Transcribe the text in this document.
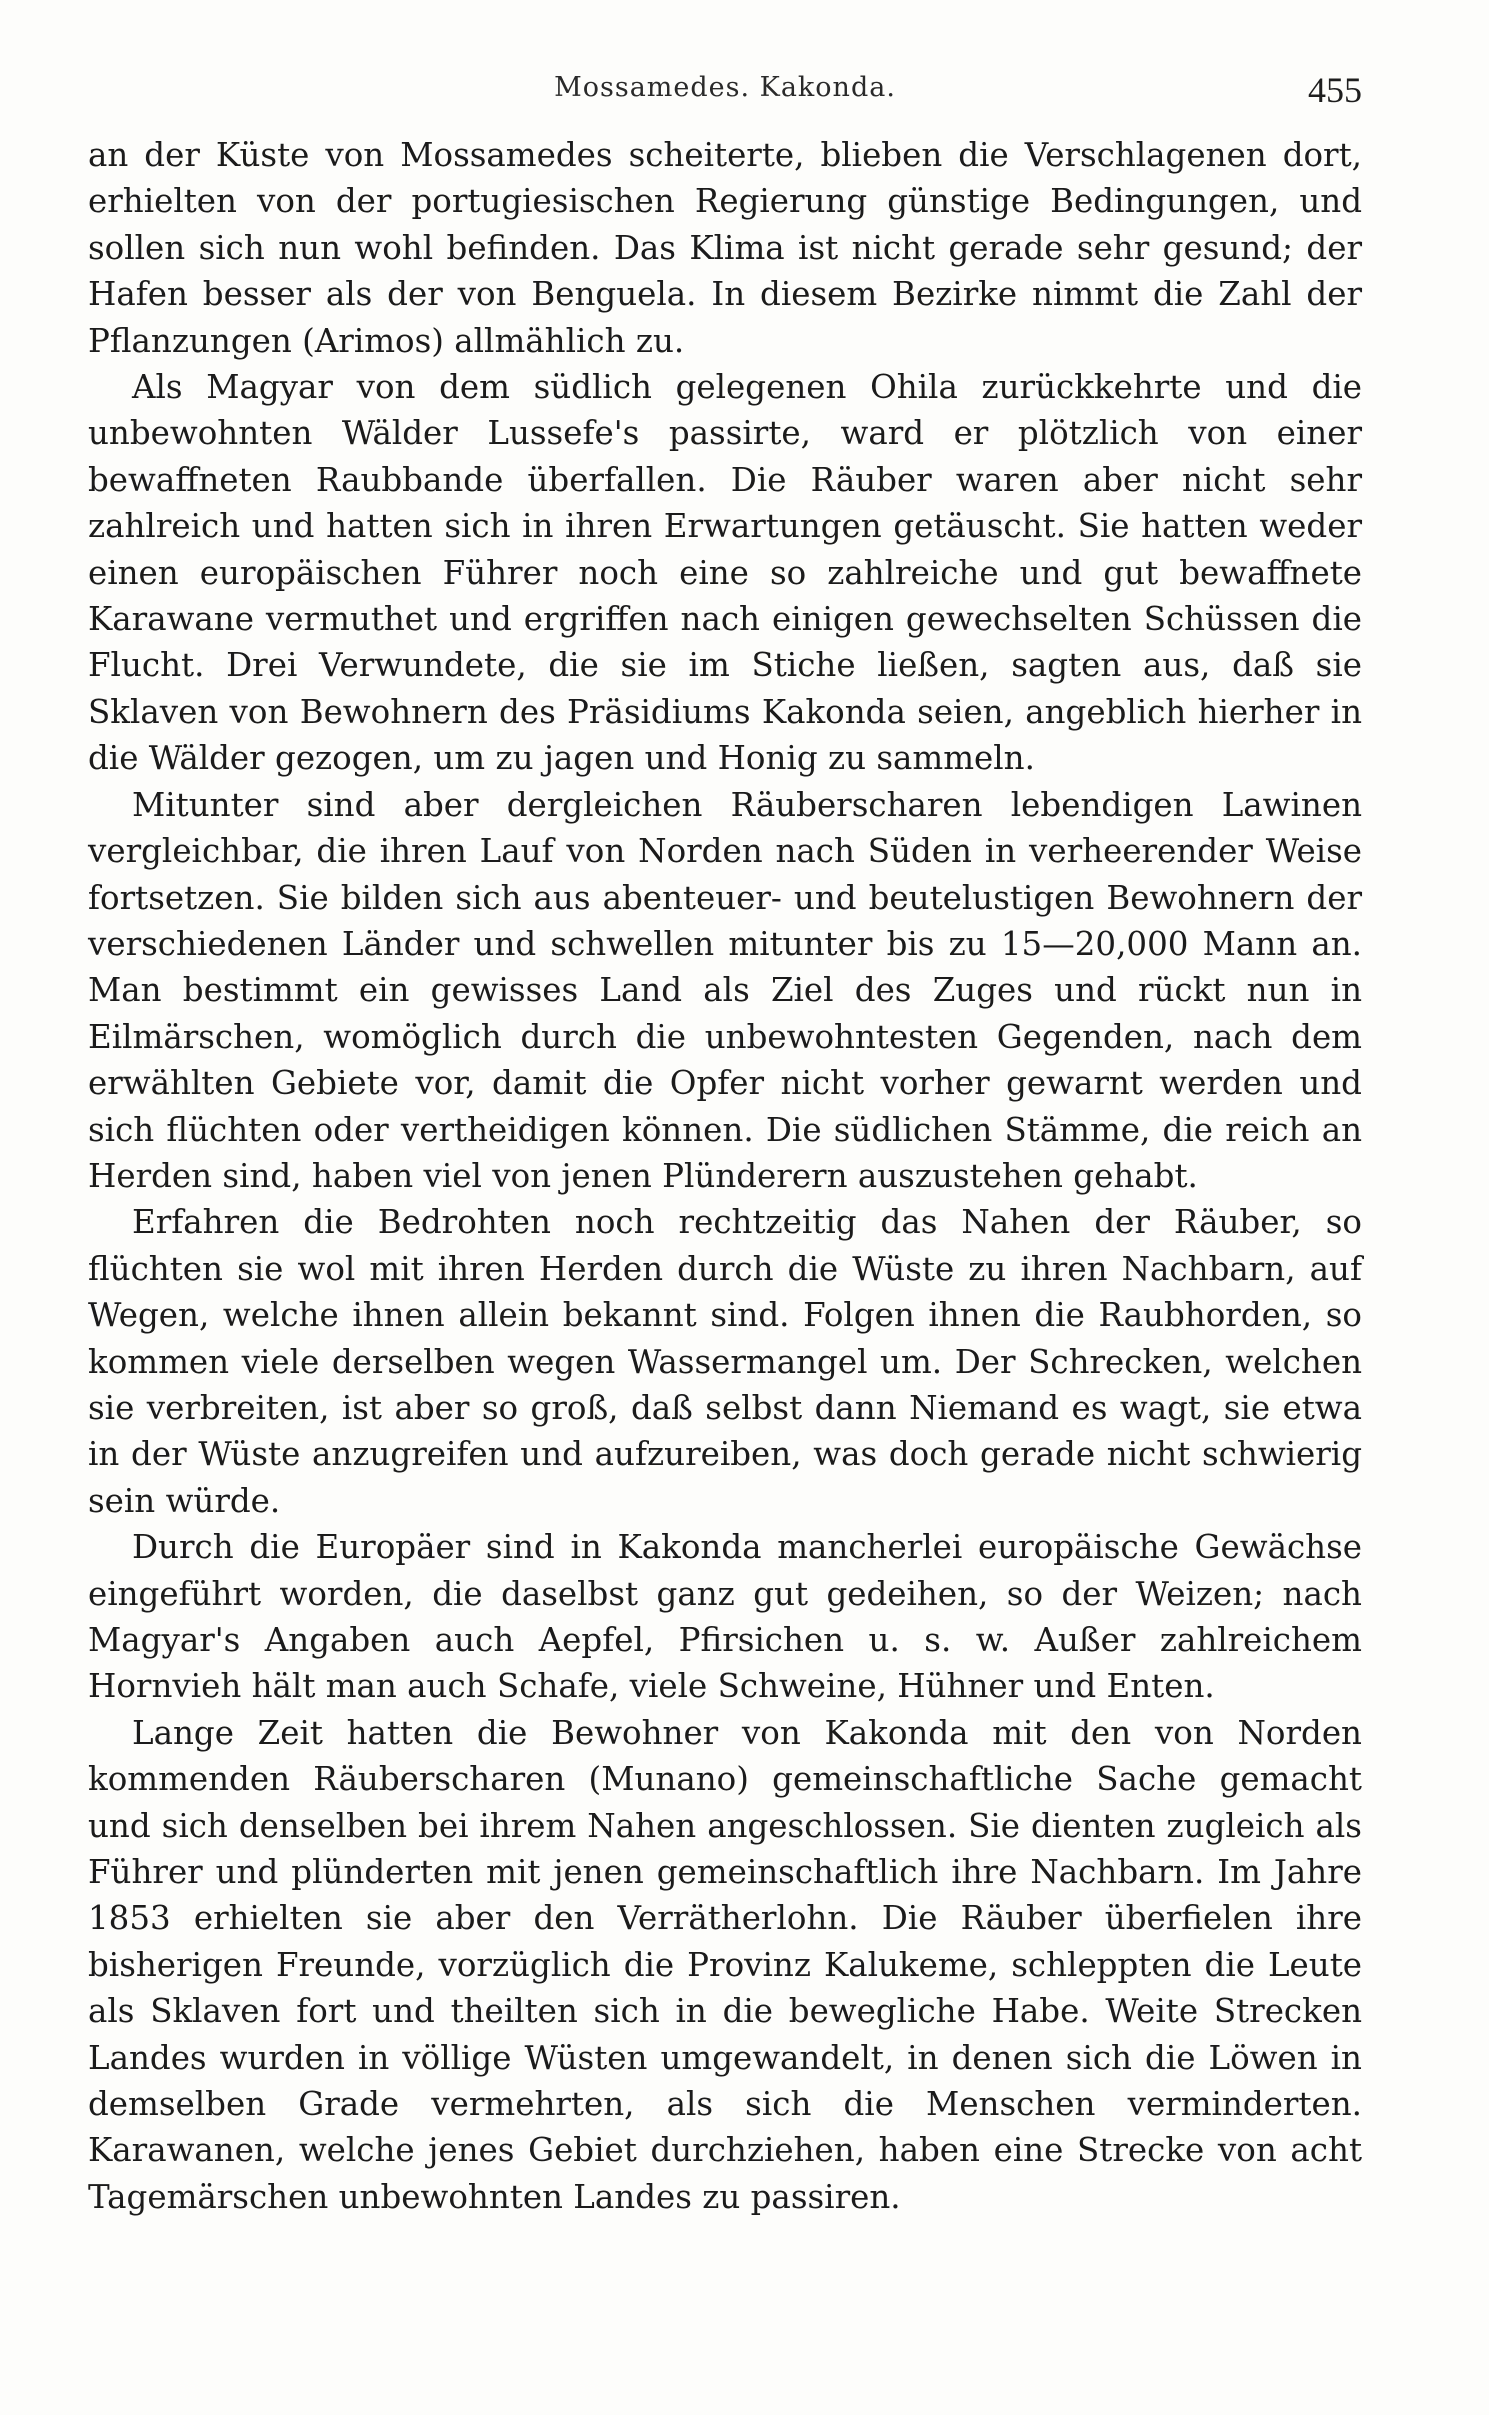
Mossamedes. Kakonda.	455

an der Küste von Mossamedes scheiterte, blieben die Verschlagenen dort, erhielten von der portugiesischen Regierung günstige Bedingungen, und sollen sich nun wohl befinden. Das Klima ist nicht gerade sehr gesund; der Hafen besser als der von Benguela. In diesem Bezirke nimmt die Zahl der Pflanzungen (Arimos) allmählich zu.

Als Magyar von dem südlich gelegenen Ohila zurückkehrte und die unbewohnten Wälder Lussefe's passirte, ward er plötzlich von einer bewaffneten Raubbande überfallen. Die Räuber waren aber nicht sehr zahlreich und hatten sich in ihren Erwartungen getäuscht. Sie hatten weder einen europäischen Führer noch eine so zahlreiche und gut bewaffnete Karawane vermuthet und ergriffen nach einigen gewechselten Schüssen die Flucht. Drei Verwundete, die sie im Stiche ließen, sagten aus, daß sie Sklaven von Bewohnern des Präsidiums Kakonda seien, angeblich hierher in die Wälder gezogen, um zu jagen und Honig zu sammeln.

Mitunter sind aber dergleichen Räuberscharen lebendigen Lawinen vergleichbar, die ihren Lauf von Norden nach Süden in verheerender Weise fortsetzen. Sie bilden sich aus abenteuer- und beutelustigen Bewohnern der verschiedenen Länder und schwellen mitunter bis zu 15—20,000 Mann an. Man bestimmt ein gewisses Land als Ziel des Zuges und rückt nun in Eilmärschen, womöglich durch die unbewohntesten Gegenden, nach dem erwählten Gebiete vor, damit die Opfer nicht vorher gewarnt werden und sich flüchten oder vertheidigen können. Die südlichen Stämme, die reich an Herden sind, haben viel von jenen Plünderern auszustehen gehabt.

Erfahren die Bedrohten noch rechtzeitig das Nahen der Räuber, so flüchten sie wol mit ihren Herden durch die Wüste zu ihren Nachbarn, auf Wegen, welche ihnen allein bekannt sind. Folgen ihnen die Raubhorden, so kommen viele derselben wegen Wassermangel um. Der Schrecken, welchen sie verbreiten, ist aber so groß, daß selbst dann Niemand es wagt, sie etwa in der Wüste anzugreifen und aufzureiben, was doch gerade nicht schwierig sein würde.

Durch die Europäer sind in Kakonda mancherlei europäische Gewächse eingeführt worden, die daselbst ganz gut gedeihen, so der Weizen; nach Magyar's Angaben auch Aepfel, Pfirsichen u. s. w. Außer zahlreichem Hornvieh hält man auch Schafe, viele Schweine, Hühner und Enten.

Lange Zeit hatten die Bewohner von Kakonda mit den von Norden kommenden Räuberscharen (Munano) gemeinschaftliche Sache gemacht und sich denselben bei ihrem Nahen angeschlossen. Sie dienten zugleich als Führer und plünderten mit jenen gemeinschaftlich ihre Nachbarn. Im Jahre 1853 erhielten sie aber den Verrätherlohn. Die Räuber überfielen ihre bisherigen Freunde, vorzüglich die Provinz Kalukeme, schleppten die Leute als Sklaven fort und theilten sich in die bewegliche Habe. Weite Strecken Landes wurden in völlige Wüsten umgewandelt, in denen sich die Löwen in demselben Grade vermehrten, als sich die Menschen verminderten. Karawanen, welche jenes Gebiet durchziehen, haben eine Strecke von acht Tagemärschen unbewohnten Landes zu passiren.
